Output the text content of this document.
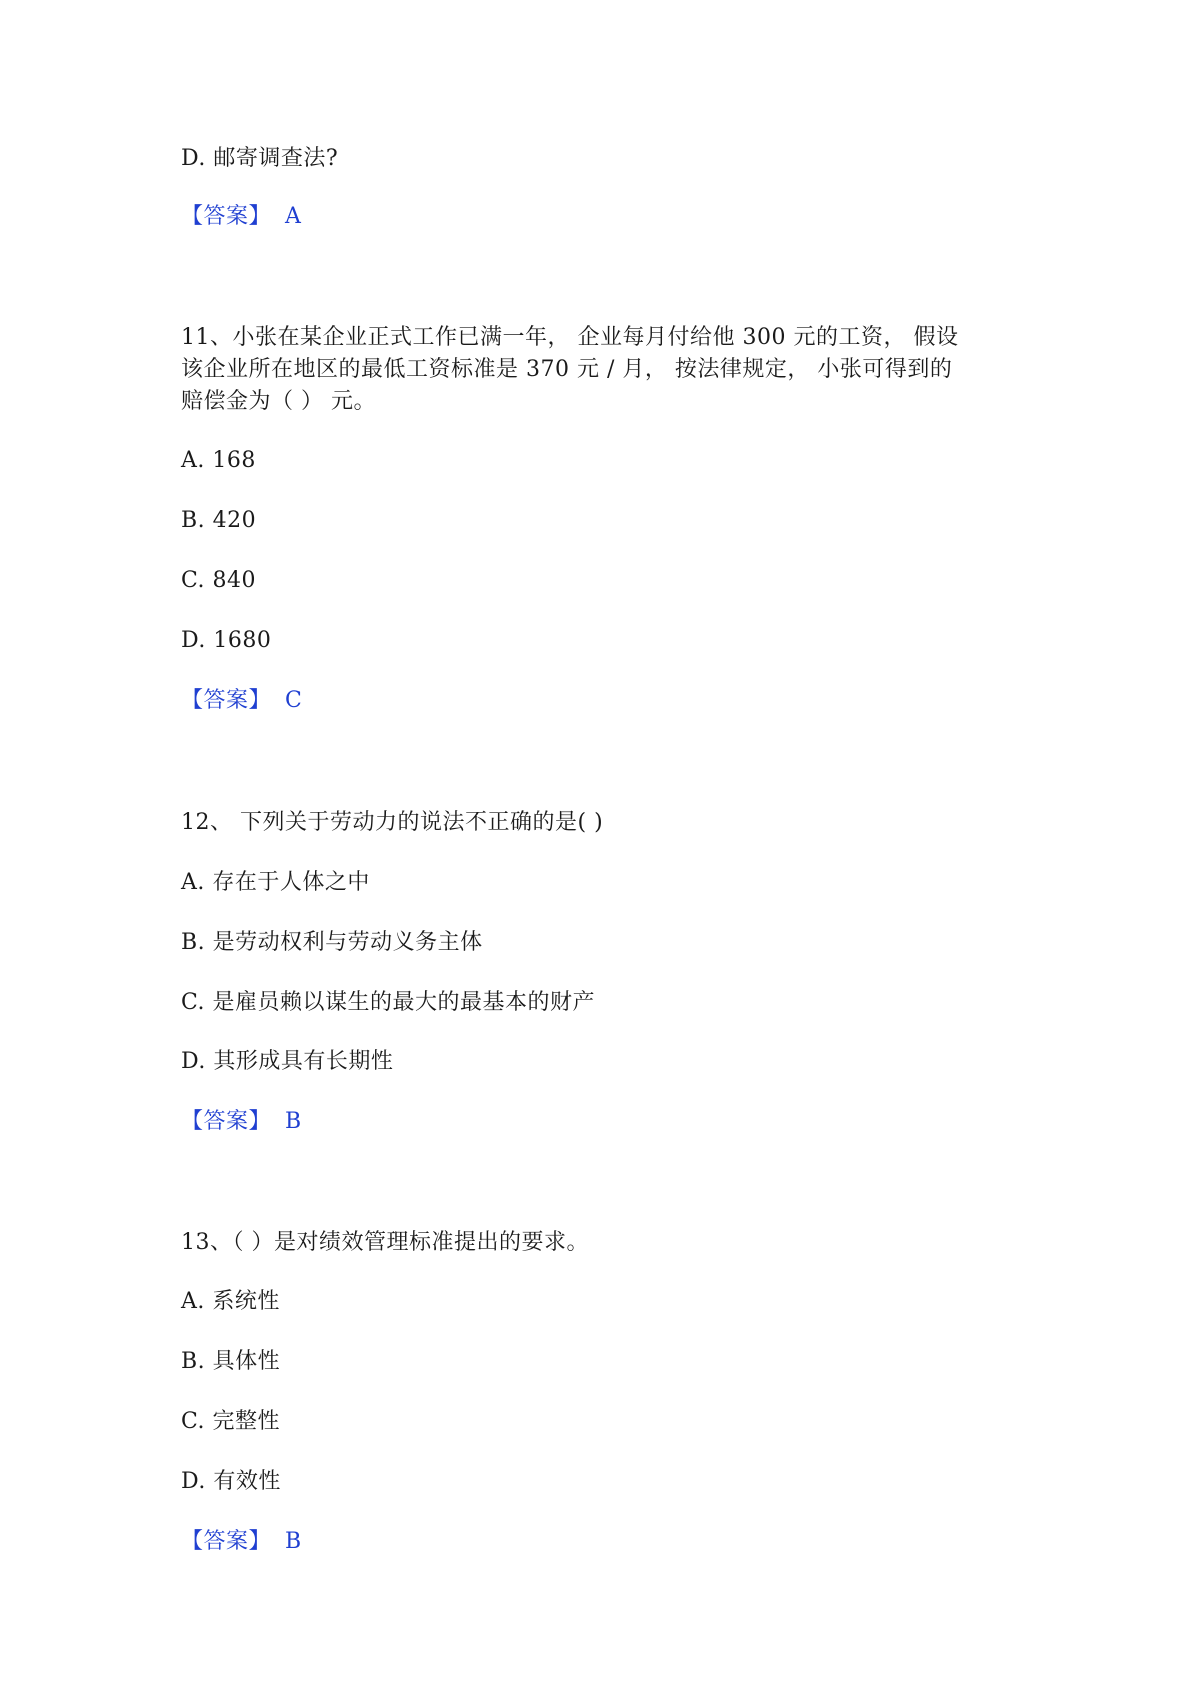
D. 邮寄调查法?
【答案】 A
11、小张在某企业正式工作已满一年， 企业每月付给他 300 元的工资， 假设
该企业所在地区的最低工资标准是 370 元 / 月， 按法律规定， 小张可得到的
赔偿金为（ ） 元。
A. 168
B. 420
C. 840
D. 1680
【答案】 C
12、 下列关于劳动力的说法不正确的是( )
A. 存在于人体之中
B. 是劳动权利与劳动义务主体
C. 是雇员赖以谋生的最大的最基本的财产
D. 其形成具有长期性
【答案】 B
13、（ ）是对绩效管理标准提出的要求。
A. 系统性
B. 具体性
C. 完整性
D. 有效性
【答案】 B
